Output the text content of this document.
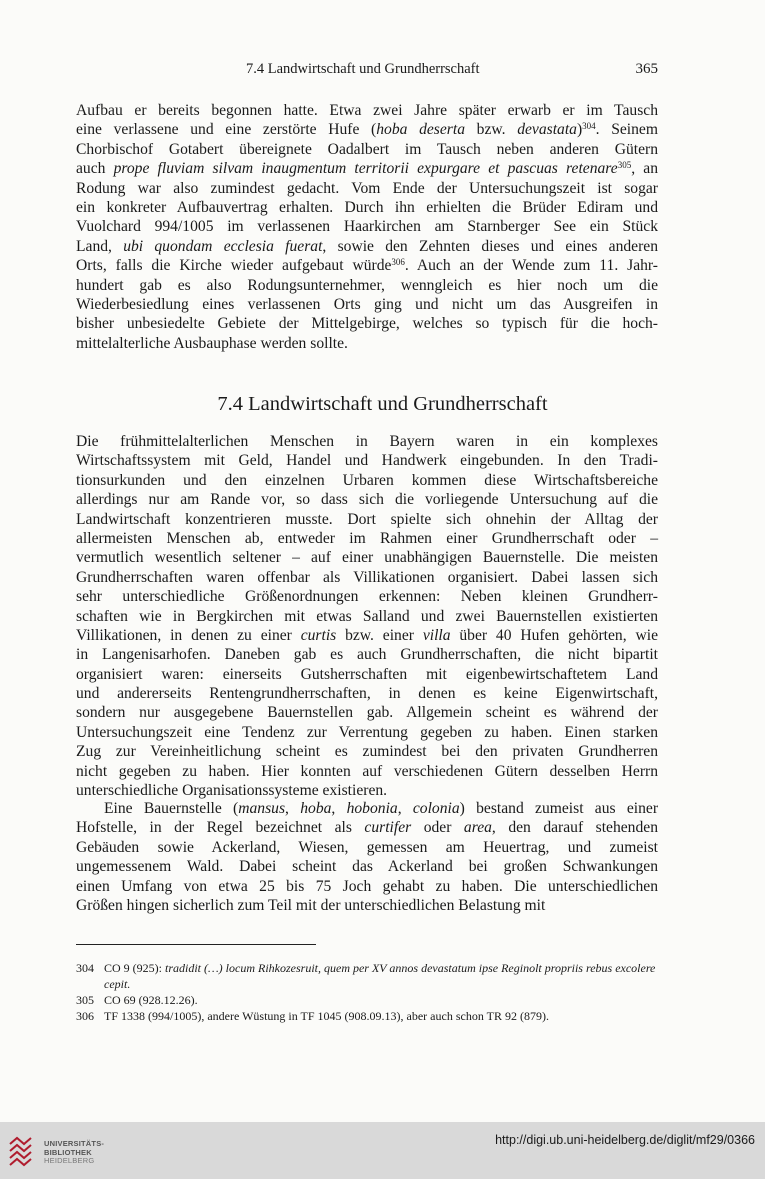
7.4 Landwirtschaft und Grundherrschaft	365
Aufbau er bereits begonnen hatte. Etwa zwei Jahre später erwarb er im Tausch
eine verlassene und eine zerstörte Hufe (hoba deserta bzw. devastata)$^{304}$. Seinem
Chorbischof Gotabert übereignete Oadalbert im Tausch neben anderen Gütern
auch prope fluviam silvam inaugmentum territorii expurgare et pascuas retenare$^{305}$, an
Rodung war also zumindest gedacht. Vom Ende der Untersuchungszeit ist sogar
ein konkreter Aufbauvertrag erhalten. Durch ihn erhielten die Brüder Ediram und
Vuolchard 994/1005 im verlassenen Haarkirchen am Starnberger See ein Stück
Land, ubi quondam ecclesia fuerat, sowie den Zehnten dieses und eines anderen
Orts, falls die Kirche wieder aufgebaut würde$^{306}$. Auch an der Wende zum 11. Jahr-
hundert gab es also Rodungsunternehmer, wenngleich es hier noch um die
Wiederbesiedlung eines verlassenen Orts ging und nicht um das Ausgreifen in
bisher unbesiedelte Gebiete der Mittelgebirge, welches so typisch für die hoch-
mittelalterliche Ausbauphase werden sollte.
7.4 Landwirtschaft und Grundherrschaft
Die frühmittelalterlichen Menschen in Bayern waren in ein komplexes
Wirtschaftssystem mit Geld, Handel und Handwerk eingebunden. In den Tradi-
tionsurkunden und den einzelnen Urbaren kommen diese Wirtschaftsbereiche
allerdings nur am Rande vor, so dass sich die vorliegende Untersuchung auf die
Landwirtschaft konzentrieren musste. Dort spielte sich ohnehin der Alltag der
allermeisten Menschen ab, entweder im Rahmen einer Grundherrschaft oder –
vermutlich wesentlich seltener – auf einer unabhängigen Bauernstelle. Die meisten
Grundherrschaften waren offenbar als Villikationen organisiert. Dabei lassen sich
sehr unterschiedliche Größenordnungen erkennen: Neben kleinen Grundherr-
schaften wie in Bergkirchen mit etwas Salland und zwei Bauernstellen existierten
Villikationen, in denen zu einer curtis bzw. einer villa über 40 Hufen gehörten, wie
in Langenisarhofen. Daneben gab es auch Grundherrschaften, die nicht bipartit
organisiert waren: einerseits Gutsherrschaften mit eigenbewirtschaftetem Land
und andererseits Rentengrundherrschaften, in denen es keine Eigenwirtschaft,
sondern nur ausgegebene Bauernstellen gab. Allgemein scheint es während der
Untersuchungszeit eine Tendenz zur Verrentung gegeben zu haben. Einen starken
Zug zur Vereinheitlichung scheint es zumindest bei den privaten Grundherren
nicht gegeben zu haben. Hier konnten auf verschiedenen Gütern desselben Herrn
unterschiedliche Organisationssysteme existieren.
Eine Bauernstelle (mansus, hoba, hobonia, colonia) bestand zumeist aus einer
Hofstelle, in der Regel bezeichnet als curtifer oder area, den darauf stehenden
Gebäuden sowie Ackerland, Wiesen, gemessen am Heuertrag, und zumeist
ungemessenem Wald. Dabei scheint das Ackerland bei großen Schwankungen
einen Umfang von etwa 25 bis 75 Joch gehabt zu haben. Die unterschiedlichen
Größen hingen sicherlich zum Teil mit der unterschiedlichen Belastung mit
304 CO 9 (925): tradidit (…) locum Rihkozesruit, quem per XV annos devastatum ipse Reginolt propriis rebus excolere cepit.
305 CO 69 (928.12.26).
306 TF 1338 (994/1005), andere Wüstung in TF 1045 (908.09.13), aber auch schon TR 92 (879).
UNIVERSITÄTS-
BIBLIOTHEK
HEIDELBERG
http://digi.ub.uni-heidelberg.de/diglit/mf29/0366
